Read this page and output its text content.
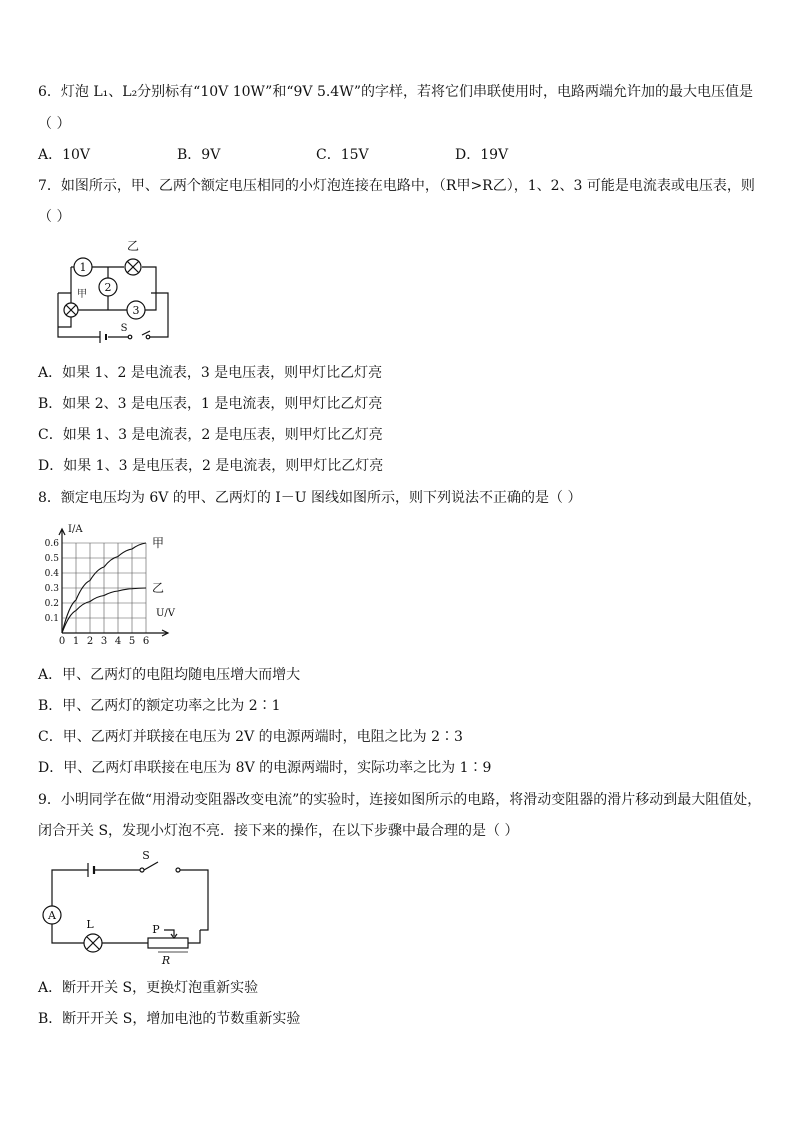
6．灯泡 L₁、L₂分别标有“10V 10W”和“9V 5.4W”的字样，若将它们串联使用时，电路两端允许加的最大电压值是
（ ）
A．10V	B．9V	C．15V	D．19V
7．如图所示，甲、乙两个额定电压相同的小灯泡连接在电路中，（R甲>R乙），1、2、3 可能是电流表或电压表，则
（ ）
1
2
3
乙
甲
S
A．如果 1、2 是电流表，3 是电压表，则甲灯比乙灯亮
B．如果 2、3 是电压表，1 是电流表，则甲灯比乙灯亮
C．如果 1、3 是电流表，2 是电压表，则甲灯比乙灯亮
D．如果 1、3 是电压表，2 是电流表，则甲灯比乙灯亮
8．额定电压均为 6V 的甲、乙两灯的 I－U 图线如图所示，则下列说法不正确的是（ ）
0 1 2 3 4 5 6
0.1
0.2
0.3
0.4
0.5
0.6	甲
乙
I/A
U/V
A．甲、乙两灯的电阻均随电压增大而增大
B．甲、乙两灯的额定功率之比为 2∶1
C．甲、乙两灯并联接在电压为 2V 的电源两端时，电阻之比为 2∶3
D．甲、乙两灯串联接在电压为 8V 的电源两端时，实际功率之比为 1∶9
9．小明同学在做“用滑动变阻器改变电流”的实验时，连接如图所示的电路，将滑动变阻器的滑片移动到最大阻值处，
闭合开关 S，发现小灯泡不亮．接下来的操作，在以下步骤中最合理的是（ ）
A
S
L	P
R
A．断开开关 S，更换灯泡重新实验
B．断开开关 S，增加电池的节数重新实验
